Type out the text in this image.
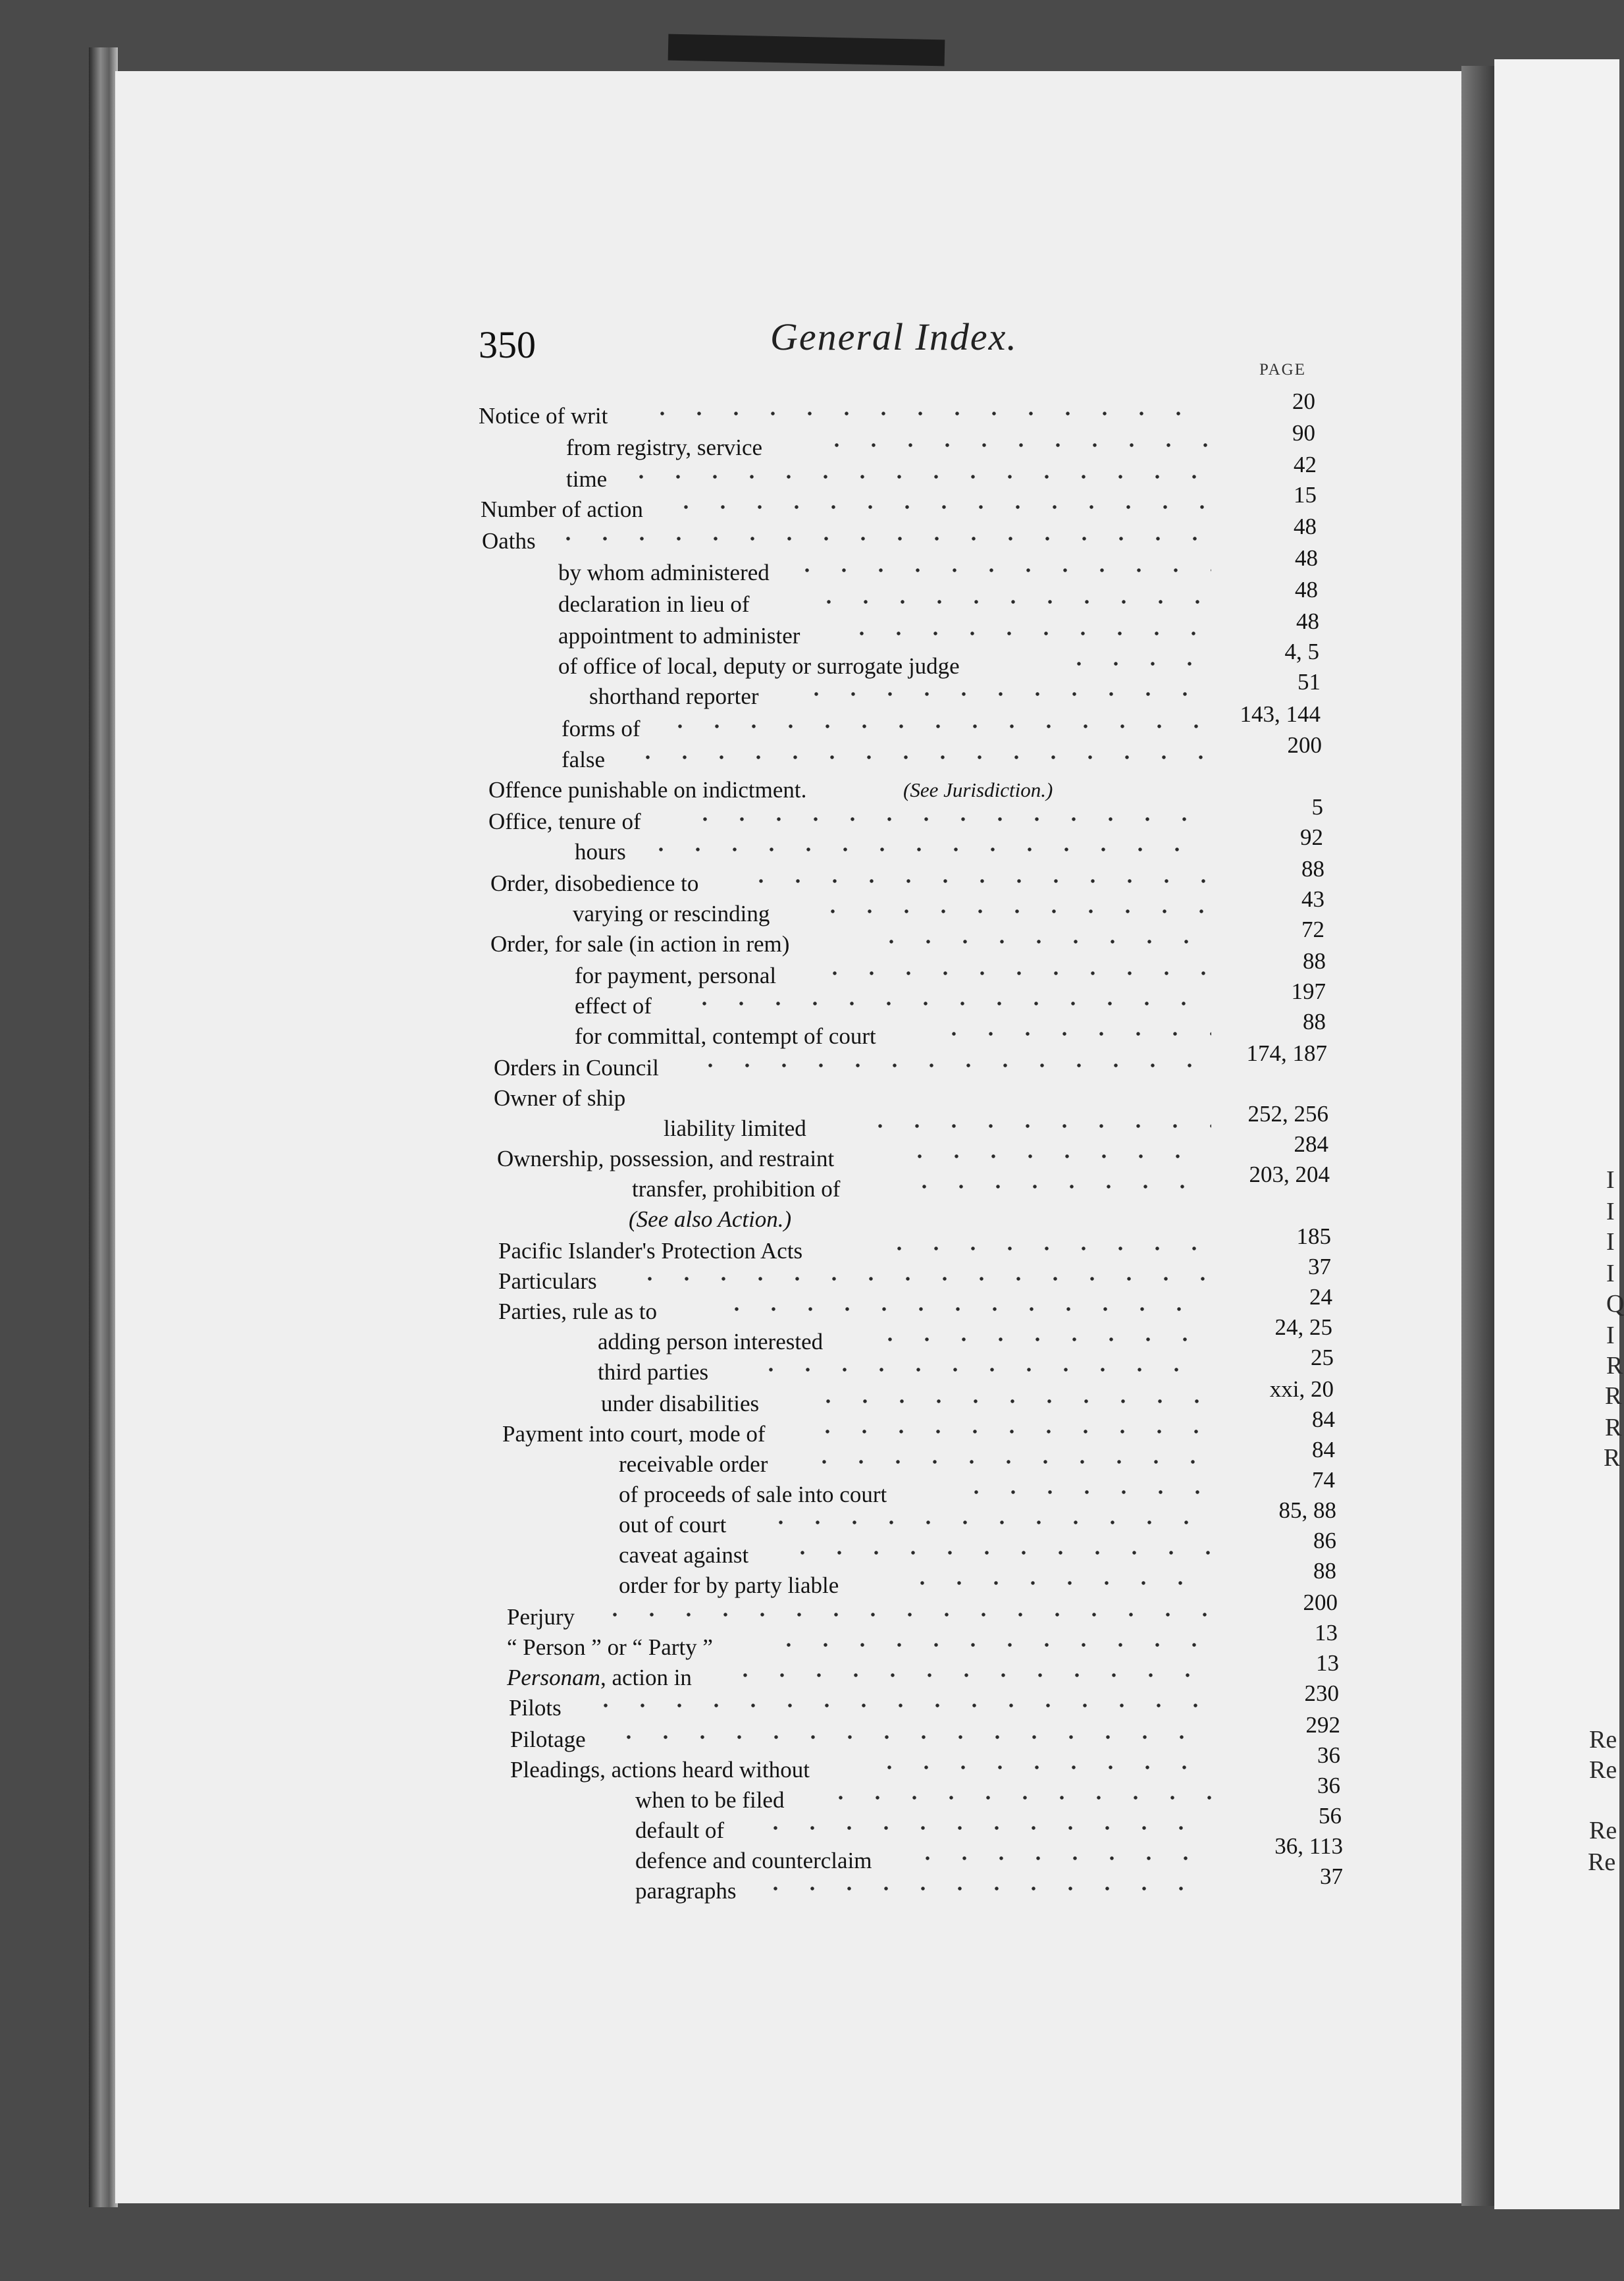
350	General Index.
PAGE
Notice of writ
20
from registry, service
90
time
42
Number of action
15
Oaths
48
by whom administered
48
declaration in lieu of
48
appointment to administer
48
of office of local, deputy or surrogate judge
4, 5
shorthand reporter
51
forms of
143, 144
false
200
Offence punishable on indictment.	(See Jurisdiction.)
Office, tenure of
5
hours
92
Order, disobedience to
88
varying or rescinding
43
Order, for sale (in action in rem)
72
for payment, personal
88
effect of
197
for committal, contempt of court
88
Orders in Council
174, 187
Owner of ship
liability limited
252, 256
Ownership, possession, and restraint
284
transfer, prohibition of
203, 204
(See also Action.)
Pacific Islander's Protection Acts
185
Particulars
37
Parties, rule as to
24
adding person interested
24, 25
third parties
25
under disabilities
xxi, 20
Payment into court, mode of
84
receivable order
84
of proceeds of sale into court
74
out of court
85, 88
caveat against
86
order for by party liable
88
Perjury
200
“ Person ” or “ Party ”
13
Personam, action in
13
Pilots
230
Pilotage
292
Pleadings, actions heard without
36
when to be filed
36
default of
56
defence and counterclaim
36, 113
paragraphs
37
I
I
I
I
Q
I
R
R
R
R
Re
Re
Re
Re
